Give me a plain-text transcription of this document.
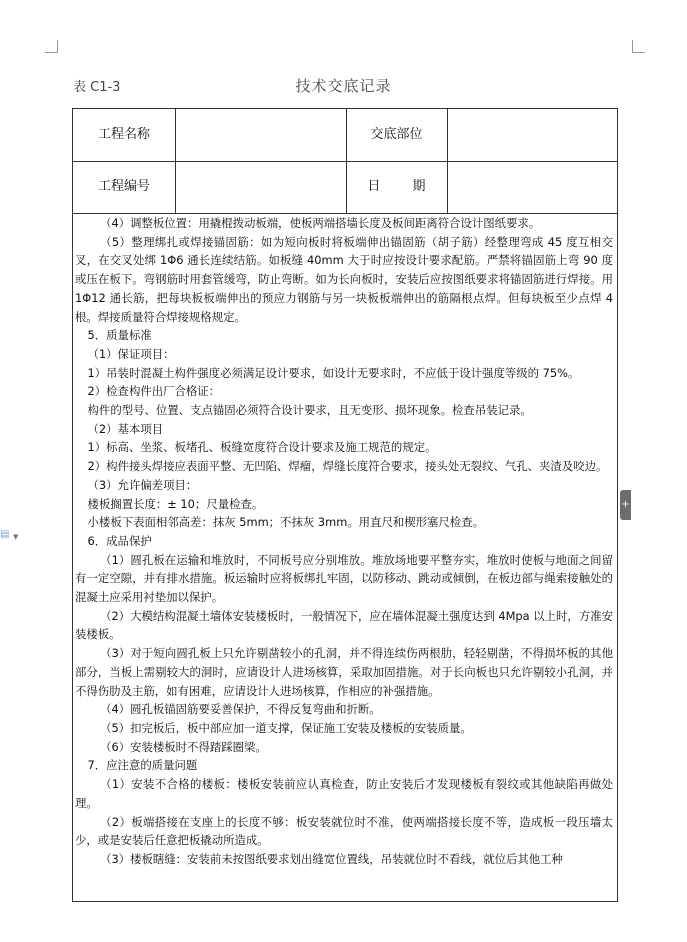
表 C1-3	技术交底记录
工程名称	交底部位
工程编号	日 期

（4）调整板位置：用撬棍拨动板端，使板两端搭墙长度及板间距离符合设计图纸要求。

（5）整理绑扎或焊接锚固筋：如为短向板时将板端伸出锚固筋（胡子筋）经整理弯成 45 度互相交叉，在交叉处绑 1Φ6 通长连续结筋。如板缝 40mm 大于时应按设计要求配筋。严禁将锚固筋上弯 90 度或压在板下。弯钢筋时用套管缓弯，防止弯断。如为长向板时，安装后应按图纸要求将锚固筋进行焊接。用 1Φ12 通长筋，把每块板板端伸出的预应力钢筋与另一块板板端伸出的筋隔根点焊。但每块板至少点焊 4 根。焊接质量符合焊接规格规定。

5．质量标准

（1）保证项目：

1）吊装时混凝土构件强度必须满足设计要求，如设计无要求时，不应低于设计强度等级的 75%。

2）检查构件出厂合格证：

构件的型号、位置、支点锚固必须符合设计要求，且无变形、损坏现象。检查吊装记录。

（2）基本项目

1）标高、坐浆、板堵孔、板缝宽度符合设计要求及施工规范的规定。

2）构件接头焊接应表面平整、无凹陷、焊瘤，焊缝长度符合要求，接头处无裂纹、气孔、夹渣及咬边。

（3）允许偏差项目：

楼板搁置长度：± 10；尺量检查。

小楼板下表面相邻高差：抹灰 5mm；不抹灰 3mm。用直尺和楔形塞尺检查。

6．成品保护

（1）圆孔板在运输和堆放时，不同板号应分别堆放。堆放场地要平整夯实，堆放时使板与地面之间留有一定空隙，并有排水措施。板运输时应将板绑扎牢固，以防移动、跳动或倾倒，在板边部与绳索接触处的混凝土应采用衬垫加以保护。

（2）大模结构混凝土墙体安装楼板时，一般情况下，应在墙体混凝土强度达到 4Mpa 以上时，方准安装楼板。

（3）对于短向圆孔板上只允许剔凿较小的孔洞，并不得连续伤两根肋，轻轻剔凿，不得损坏板的其他部分，当板上需剔较大的洞时，应请设计人进场核算，采取加固措施。对于长向板也只允许剔较小孔洞，并不得伤肋及主筋，如有困难，应请设计人进场核算，作相应的补强措施。

（4）圆孔板锚固筋要妥善保护，不得反复弯曲和折断。

（5）扣完板后，板中部应加一道支撑，保证施工安装及楼板的安装质量。

（6）安装楼板时不得踏踩圈梁。

7．应注意的质量问题

（1）安装不合格的楼板：楼板安装前应认真检查，防止安装后才发现楼板有裂纹或其他缺陷再做处理。

（2）板端搭接在支座上的长度不够：板安装就位时不准，使两端搭接长度不等，造成板一段压墙太少，或是安装后任意把板撬动所造成。

（3）楼板瞎缝：安装前未按图纸要求划出缝宽位置线，吊装就位时不看线，就位后其他工种

+
▤ ▼
